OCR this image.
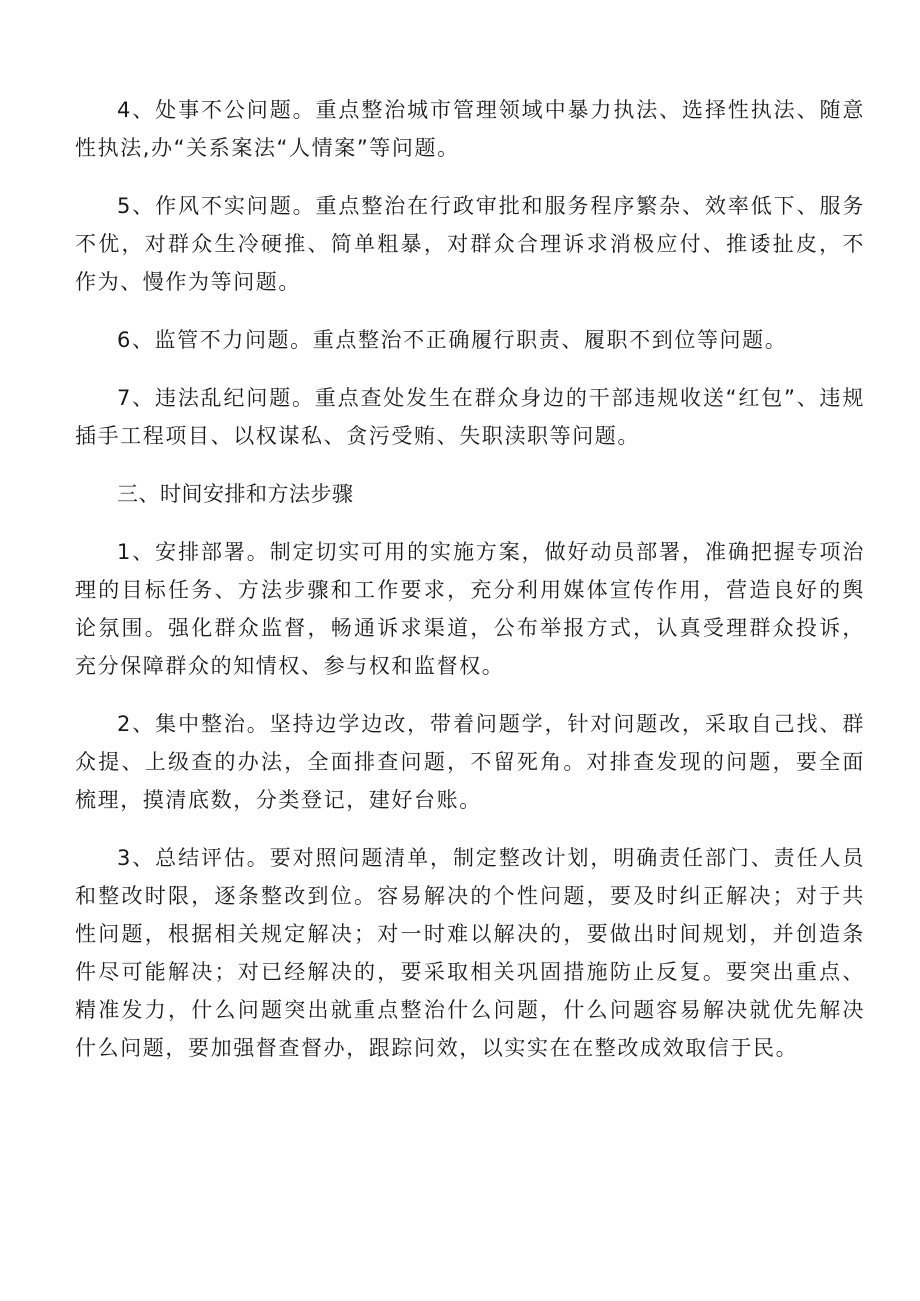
4、处事不公问题。重点整治城市管理领域中暴力执法、选择性执法、随意性执法,办“关系案法“人情案”等问题。

5、作风不实问题。重点整治在行政审批和服务程序繁杂、效率低下、服务不优，对群众生冷硬推、简单粗暴，对群众合理诉求消极应付、推诿扯皮，不作为、慢作为等问题。

6、监管不力问题。重点整治不正确履行职责、履职不到位等问题。

7、违法乱纪问题。重点查处发生在群众身边的干部违规收送“红包”、违规插手工程项目、以权谋私、贪污受贿、失职渎职等问题。

三、时间安排和方法步骤

1、安排部署。制定切实可用的实施方案，做好动员部署，准确把握专项治理的目标任务、方法步骤和工作要求，充分利用媒体宣传作用，营造良好的舆论氛围。强化群众监督，畅通诉求渠道，公布举报方式，认真受理群众投诉，充分保障群众的知情权、参与权和监督权。

2、集中整治。坚持边学边改，带着问题学，针对问题改，采取自己找、群众提、上级查的办法，全面排查问题，不留死角。对排查发现的问题，要全面梳理，摸清底数，分类登记，建好台账。

3、总结评估。要对照问题清单，制定整改计划，明确责任部门、责任人员和整改时限，逐条整改到位。容易解决的个性问题，要及时纠正解决；对于共性问题，根据相关规定解决；对一时难以解决的，要做出时间规划，并创造条件尽可能解决；对已经解决的，要采取相关巩固措施防止反复。要突出重点、精准发力，什么问题突出就重点整治什么问题，什么问题容易解决就优先解决什么问题，要加强督查督办，跟踪问效，以实实在在整改成效取信于民。
